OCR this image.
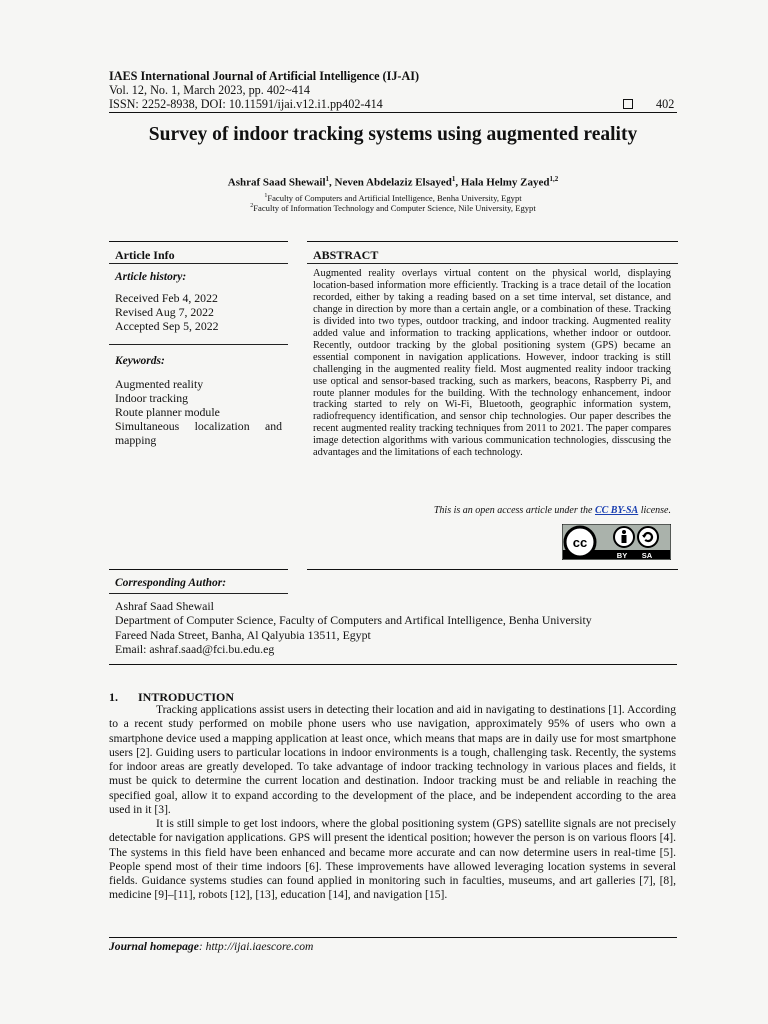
IAES International Journal of Artificial Intelligence (IJ-AI)
Vol. 12, No. 1, March 2023, pp. 402~414
ISSN: 2252-8938, DOI: 10.11591/ijai.v12.i1.pp402-414	402
Survey of indoor tracking systems using augmented reality
Ashraf Saad Shewail$^1$, Neven Abdelaziz Elsayed$^1$, Hala Helmy Zayed$^{1,2}$
$^1$Faculty of Computers and Artificial Intelligence, Benha University, Egypt
$^2$Faculty of Information Technology and Computer Science, Nile University, Egypt
Article Info	ABSTRACT
Article history:
Received Feb 4, 2022
Revised Aug 7, 2022
Accepted Sep 5, 2022
Keywords:
Augmented reality
Indoor tracking
Route planner module
Simultaneous localization and mapping
Augmented reality overlays virtual content on the physical world, displaying location-based information more efficiently. Tracking is a trace detail of the location recorded, either by taking a reading based on a set time interval, set distance, and change in direction by more than a certain angle, or a combination of these. Tracking is divided into two types, outdoor tracking, and indoor tracking. Augmented reality added value and information to tracking applications, whether indoor or outdoor. Recently, outdoor tracking by the global positioning system (GPS) became an essential component in navigation applications. However, indoor tracking is still challenging in the augmented reality field. Most augmented reality indoor tracking use optical and sensor-based tracking, such as markers, beacons, Raspberry Pi, and route planner modules for the building. With the technology enhancement, indoor tracking started to rely on Wi-Fi, Bluetooth, geographic information system, radiofrequency identification, and sensor chip technologies. Our paper describes the recent augmented reality tracking techniques from 2011 to 2021. The paper compares image detection algorithms with various communication technologies, disscusing the advantages and the limitations of each technology.
This is an open access article under the CC BY-SA license.
cc
BY SA
Corresponding Author:
Ashraf Saad Shewail
Department of Computer Science, Faculty of Computers and Artifical Intelligence, Benha University
Fareed Nada Street, Banha, Al Qalyubia 13511, Egypt
Email: ashraf.saad@fci.bu.edu.eg
1. INTRODUCTION
Tracking applications assist users in detecting their location and aid in navigating to destinations [1]. According to a recent study performed on mobile phone users who use navigation, approximately 95% of users who own a smartphone device used a mapping application at least once, which means that maps are in daily use for most smartphone users [2]. Guiding users to particular locations in indoor environments is a tough, challenging task. Recently, the systems for indoor areas are greatly developed. To take advantage of indoor tracking technology in various places and fields, it must be quick to determine the current location and destination. Indoor tracking must be and reliable in reaching the specified goal, allow it to expand according to the development of the place, and be independent according to the area used in it [3].
It is still simple to get lost indoors, where the global positioning system (GPS) satellite signals are not precisely detectable for navigation applications. GPS will present the identical position; however the person is on various floors [4]. The systems in this field have been enhanced and became more accurate and can now determine users in real-time [5]. People spend most of their time indoors [6]. These improvements have allowed leveraging location systems in several fields. Guidance systems studies can found applied in monitoring such in faculties, museums, and art galleries [7], [8], medicine [9]–[11], robots [12], [13], education [14], and navigation [15].
Journal homepage: http://ijai.iaescore.com
